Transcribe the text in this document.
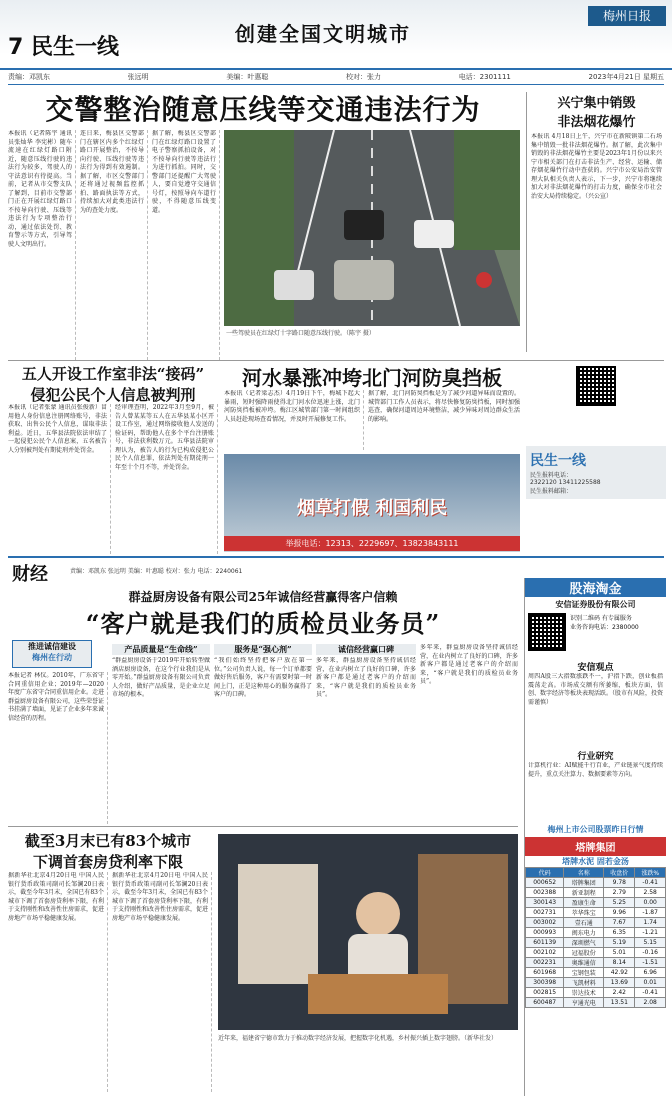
7 民生一线
创建全国文明城市
梅州日报
责编：邓凯东	张远明	美编：叶惠聪	校对：张力	电话：2301111	2023年4月21日 星期五
交警整治随意压线等交通违法行为
本报讯（记者陈宇 通讯员张灿华 李宪彬）随车流速在红绿灯路口附近，随意压线行驶的违法行为较多，驾驶人的守法意识有待提高。当前，记者从市交警支队了解到，目前市交警部门正在开展红绿灯路口不按导向行驶、压线等违法行为专项整治行动，通过依法处罚、教育警示等方式，引导驾驶人文明出行。
连日来，梅县区交警部门在辖区内多个红绿灯路口开展整治，不按导向行驶、压线行驶等违法行为得到有效遏制。据了解，市区交警部门还将通过视频监控抓拍、路面执法等方式，持续加大对此类违法行为的查处力度。
据了解，梅县区交警部门在红绿灯路口设置了电子警察抓拍设备，对不按导向行驶等违法行为进行抓拍。同时，交警部门还提醒广大驾驶人，要自觉遵守交通信号灯，按照导向车道行驶，不得随意压线变道。
一些驾驶员在红绿灯十字路口随意压线行驶。（陈宇 摄）
兴宁集中销毁
非法烟花爆竹
本报讯 4月18日上午，兴宁市在新陂镇第二石场集中销毁一批非法烟花爆竹。据了解，此次集中销毁的非法烟花爆竹主要是2023年1月份以来兴宁市相关部门在打击非法生产、经营、运输、储存烟花爆竹行动中查获的。兴宁市公安局治安管理大队相关负责人表示，下一步，兴宁市将继续加大对非法烟花爆竹的打击力度，确保全市社会治安大局持续稳定。（兴公宣）
五人开设工作室非法“接码”
侵犯公民个人信息被判刑
本报讯（记者张蒙 通讯员张俊新）冒用他人身份信息注册网络账号，非法获取、出售公民个人信息，谋取非法利益。近日，五华县法院依法审结了一起侵犯公民个人信息案，五名被告人分别被判处有期徒刑并处罚金。
经审理查明，2022年3月至9月，被告人曾某某等五人在五华县某小区开设工作室，通过网络接收他人发送的验证码，帮助他人在多个平台注册账号，非法获利数万元。五华县法院审理认为，被告人的行为已构成侵犯公民个人信息罪，依法判处有期徒刑一年至十个月不等，并处罚金。
河水暴涨冲垮北门河防臭挡板
本报讯（记者梁志杰）4月19日下午，梅城下起大暴雨，短时强降雨使得北门河水位迅速上涨，北门河防臭挡板被冲垮。梅江区城管部门第一时间组织人员赶赴现场查看情况，并及时开展修复工作。
据了解，北门河防臭挡板是为了减少河道异味而设置的。城管部门工作人员表示，将尽快修复防臭挡板，同时加强巡查，确保河道周边环境整洁，减少异味对周边群众生活的影响。
烟草打假 利国利民
举报电话：12313、2229697、13823843111
民生一线
民生报料电话：
2322120 13411225588
民生报料邮箱：
财经	责编：邓凯东 张远明 美编：叶惠聪 校对：张力 电话：2240061
群益厨房设备有限公司25年诚信经营赢得客户信赖
“客户就是我们的质检员业务员”
推进诚信建设
梅州在行动
本报记者 林仪。2010年，广东省守合同重信用企业；2019年—2020年度广东省守合同重信用企业。走进群益厨房设备有限公司，这些荣誉证书挂满了墙面，见证了企业多年来诚信经营的历程。
产品质量是“生命线”
“群益厨房设备于2019年开始转型做酒店厨房设备，在这个行业我们是从零开始。”群益厨房设备有限公司负责人介绍，做好产品质量，是企业立足市场的根本。
服务是“强心剂”
“我们始终坚持把客户放在第一位。”公司负责人说，每一个订单都要做好售后服务，客户有需要时第一时间上门，正是这种用心的服务赢得了客户的口碑。
诚信经营赢口碑
多年来，群益厨房设备坚持诚信经营，在业内树立了良好的口碑，许多新客户都是通过老客户的介绍而来，“客户就是我们的质检员业务员”。
多年来，群益厨房设备坚持诚信经营，在业内树立了良好的口碑，许多新客户都是通过老客户的介绍而来，“客户就是我们的质检员业务员”。
截至3月末已有83个城市
下调首套房贷利率下限
据新华社北京4月20日电 中国人民银行货币政策司副司长邹澜20日表示，截至今年3月末，全国已有83个城市下调了首套房贷利率下限，有利于支持刚性和改善性住房需求，促进房地产市场平稳健康发展。
据新华社北京4月20日电 中国人民银行货币政策司副司长邹澜20日表示，截至今年3月末，全国已有83个城市下调了首套房贷利率下限，有利于支持刚性和改善性住房需求，促进房地产市场平稳健康发展。
近年来，福建省宁德市致力于推动数字经济发展，把握数字化机遇，乡村振兴插上数字翅膀。（新华社发）
股海淘金
安信证券股份有限公司
识别二维码 有专属服务
业务咨询电话：2380000
安信观点
周四A股三大指数涨跌不一，沪指下跌，创业板指震荡走高。市场成交额有所萎缩，板块方面，信创、数字经济等板块表现活跃。（股市有风险，投资需谨慎）
行业研究
计算机行业：AI赋能千行百业，产业链景气度持续提升，重点关注算力、数据要素等方向。
梅州上市公司股票昨日行情
塔牌集团
塔牌水泥 固若金汤
代码	名称	收盘价	涨跌%
000652	塔牌集团	9.78	-0.41
002388	新亚制程	2.79	2.58
300143	盈康生命	5.25	0.00
002731	萃华珠宝	9.96	-1.87
003002	壹石通	7.67	1.74
000993	闽东电力	6.35	-1.21
601139	深圳燃气	5.19	5.15
002102	冠福股份	5.01	-0.16
002231	奥维通信	8.14	-1.51
601968	宝钢包装	42.92	6.96
300398	飞凯材料	13.69	0.01
002815	崇达技术	2.42	-0.41
600487	亨通光电	13.51	2.08
